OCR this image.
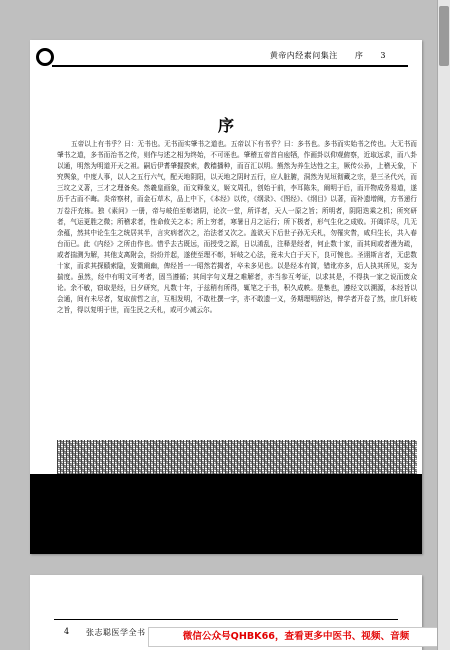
黄帝内经素问集注 序 3
序

五帝以上有书乎？曰：无书也。无书而实肇书之道也。五帝以下有书乎？曰：多书也。多书而实始书之传也。大无书而肇书之道，多书而治书之传，则作与述之相为终始，不可诬也。肇稽五帝首自庖牺，作画卦以仰观俯察，近取远求，而八卦以通，明然为明道开天之祖。嗣后伊耆肇握揆索，教穑播种，而百汇以明。熊然为养生达性之主，厥传公孙，上稽天象，下究舆象，中度人事，以人之五行六气，配天地阴阳，以天地之阴时五行，应人脏腑，洞然为见垣彻藏之宗，是三圣代兴，而三坟之义著，三才之理备矣。然羲皇画象，而文释象义，姬文周孔，创始于前，李耳陈朱，阐明于后，而开物成务易道，遂历千古而不晦。炎帝察材，而金石草木，品上中下，《本经》以传，《纲录》、《图经》、《纲目》以著，而补遗增阙，方书递行万卷汗充栋。独《素问》一册，帝与岐伯至彰诸阴，论次一堂，所详者，天人一原之旨；所明者，阴阳迭乘之机；所究研者，气运更胜之微；所稽求者，性命攸关之本；所上穷者，寒暑日月之运行；所下极者，形气生化之成败。开阖详尽，几无余蕴，然其中论生生之统居其半，言灾病者次之，治法者又次之。盖欲天下后世子孙无夭札，勿罹灾眚，咸归生长，共入春台而已。此《内经》之所由作也。惜乎去古既远，而授受之源，日以淆乱，注释是经者，何止数十家，而其间或者漫为疏，或者揣测为解，其他支离附会，纷纷并起，遂使至理不彰，轩岐之心法，竟未大白于天下，良可惋也。圣诩斯言者，无虑数十家，而求其探赜索隐，发微阐幽，俾经旨一一昭然若揭者，卒未多见也。以是经本有简，错讹亦多，后人执其所见，妄为揣度。虽然，经中有明文可考者，固当遵循；其间字句义理之难解者，亦当参互考证，以求其是，不得执一家之说而废众论。余不敏，窃取是经，日夕研究，凡数十年，于兹稍有所得，辄笔之于书，积久成帙。是集也，遵经文以溯源，本经旨以会通，间有未尽者，复取前哲之言，互相发明，不敢杜撰一字，亦不敢遗一义，务期理明辞达，俾学者开卷了然，庶几轩岐之旨，得以复明于世，而生民之夭札，或可少减云尔。

4 张志聪医学全书	微信公众号QHBK66，查看更多中医书、视频、音频
